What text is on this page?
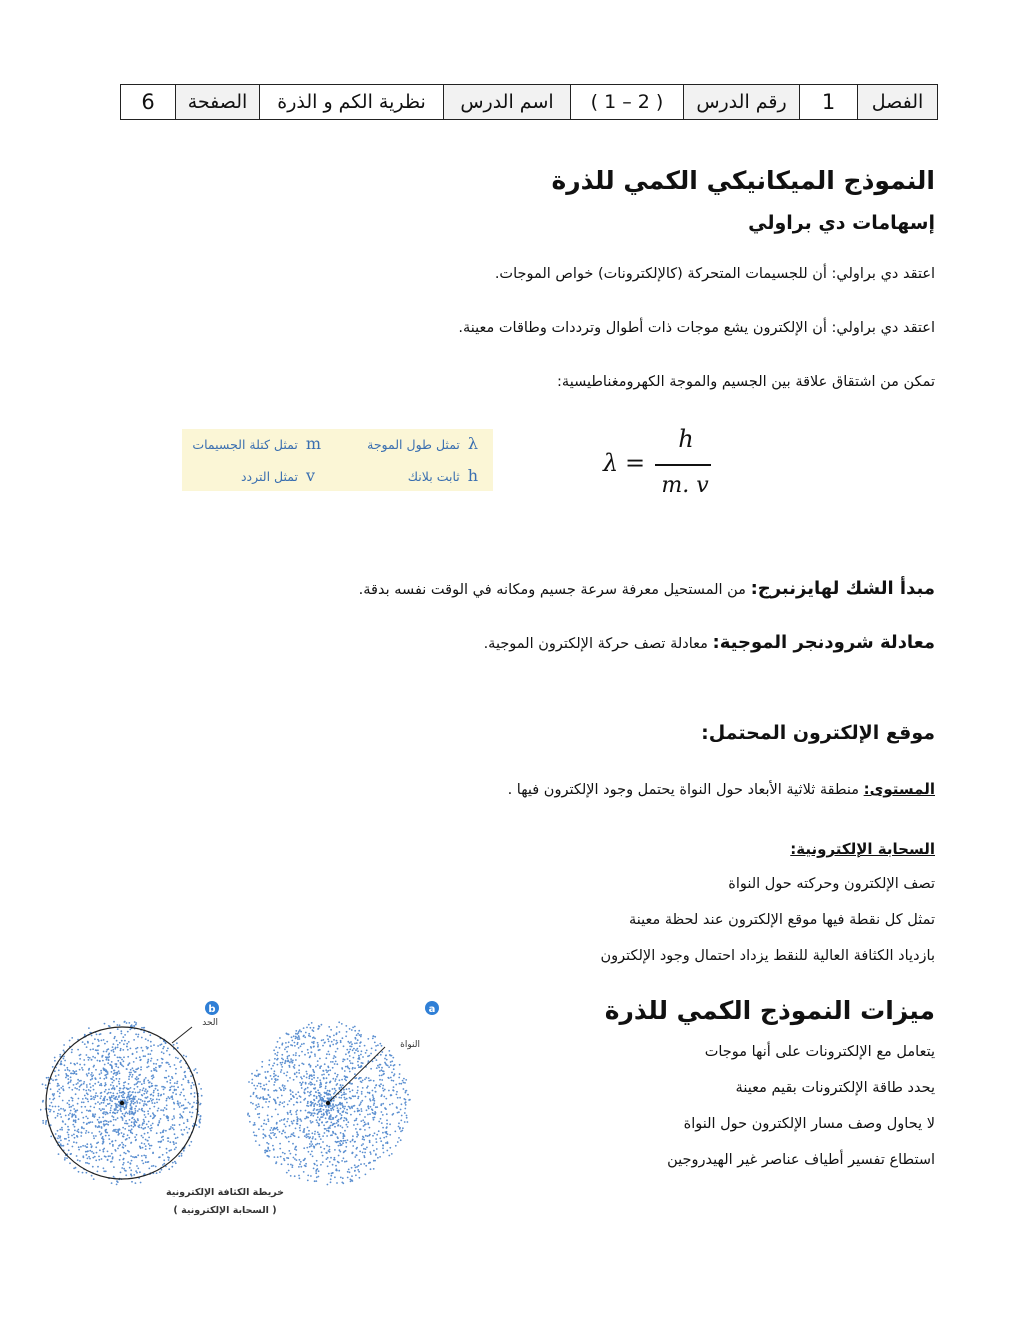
الفصل	1	رقم الدرس	( 2 – 1 )	اسم الدرس	نظرية الكم و الذرة	الصفحة	6
النموذج الميكانيكي الكمي للذرة
إسهامات دي براولي

اعتقد دي براولي: أن للجسيمات المتحركة (كالإلكترونات) خواص الموجات.

اعتقد دي براولي: أن الإلكترون يشع موجات ذات أطوال وترددات وطاقات معينة.

تمكن من اشتقاق علاقة بين الجسيم والموجة الكهرومغناطيسية:

λ =
h
m. v
λ  تمثل طول الموجة
m  تمثل كتلة الجسيمات
h  ثابت بلانك
v  تمثل التردد

مبدأ الشك لهايزنبرج: من المستحيل معرفة سرعة جسيم ومكانه في الوقت نفسه بدقة.

معادلة شرودنجر الموجية: معادلة تصف حركة الإلكترون الموجية.

موقع الإلكترون المحتمل:

المستوى: منطقة ثلاثية الأبعاد حول النواة يحتمل وجود الإلكترون فيها .

السحابة الإلكترونية:

تصف الإلكترون وحركته حول النواة

تمثل كل نقطة فيها موقع الإلكترون عند لحظة معينة

بازدياد الكثافة العالية للنقط يزداد احتمال وجود الإلكترون

ميزات النموذج الكمي للذرة

يتعامل مع الإلكترونات على أنها موجات

يحدد طاقة الإلكترونات بقيم معينة

لا يحاول وصف مسار الإلكترون حول النواة

استطاع تفسير أطياف عناصر غير الهيدروجين

a
b
النواة
الحد
خريطة الكثافة الإلكترونية
( السحابة الإلكترونية )
